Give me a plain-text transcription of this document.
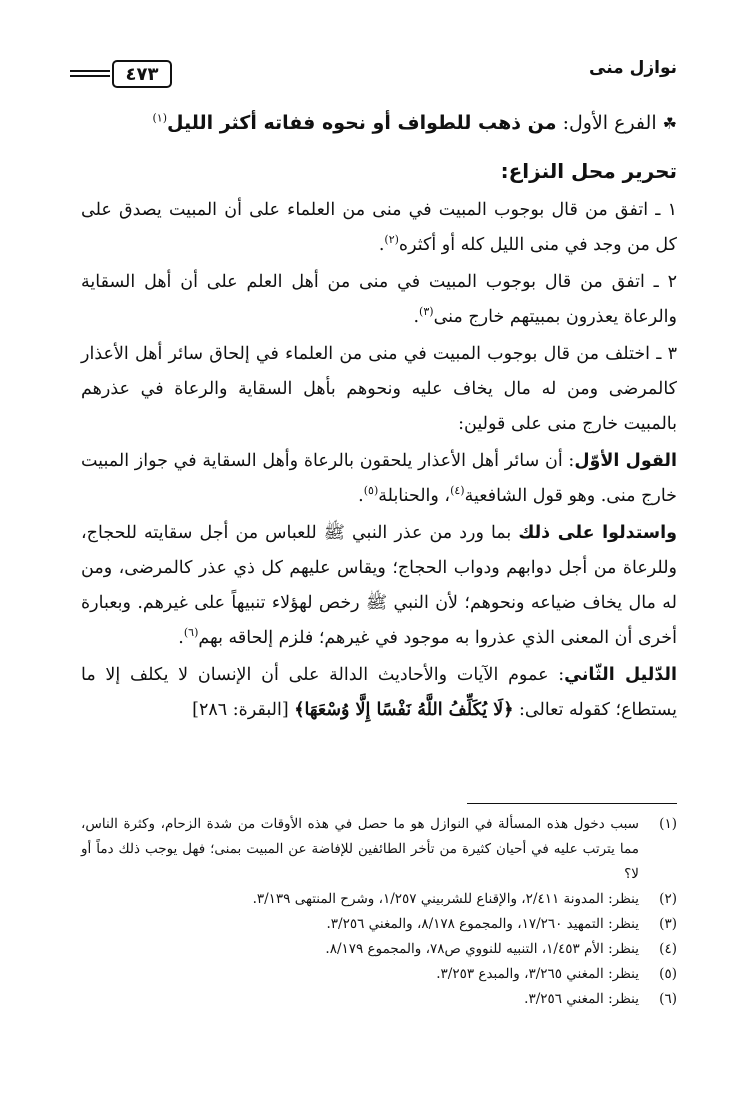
نوازل منى
٤٧٣

☘ الفرع الأول: من ذهب للطواف أو نحوه ففاته أكثر الليل$^{(١)}$

تحرير محل النزاع:

١ ـ اتفق من قال بوجوب المبيت في منى من العلماء على أن المبيت يصدق على كل من وجد في منى الليل كله أو أكثره$^{(٢)}$.

٢ ـ اتفق من قال بوجوب المبيت في منى من أهل العلم على أن أهل السقاية والرعاة يعذرون بمبيتهم خارج منى$^{(٣)}$.

٣ ـ اختلف من قال بوجوب المبيت في منى من العلماء في إلحاق سائر أهل الأعذار كالمرضى ومن له مال يخاف عليه ونحوهم بأهل السقاية والرعاة في عذرهم بالمبيت خارج منى على قولين:

القول الأوّل: أن سائر أهل الأعذار يلحقون بالرعاة وأهل السقاية في جواز المبيت خارج منى. وهو قول الشافعية$^{(٤)}$، والحنابلة$^{(٥)}$.

واستدلوا على ذلك بما ورد من عذر النبي ﷺ للعباس من أجل سقايته للحجاج، وللرعاة من أجل دوابهم ودواب الحجاج؛ ويقاس عليهم كل ذي عذر كالمرضى، ومن له مال يخاف ضياعه ونحوهم؛ لأن النبي ﷺ رخص لهؤلاء تنبيهاً على غيرهم. وبعبارة أخرى أن المعنى الذي عذروا به موجود في غيرهم؛ فلزم إلحاقه بهم$^{(٦)}$.

الدّليل الثّاني: عموم الآيات والأحاديث الدالة على أن الإنسان لا يكلف إلا ما يستطاع؛ كقوله تعالى: ﴿لَا يُكَلِّفُ اللَّهُ نَفْسًا إِلَّا وُسْعَهَا﴾ [البقرة: ٢٨٦]

(١)
سبب دخول هذه المسألة في النوازل هو ما حصل في هذه الأوقات من شدة الزحام، وكثرة الناس، مما يترتب عليه في أحيان كثيرة من تأخر الطائفين للإفاضة عن المبيت بمنى؛ فهل يوجب ذلك دماً أو لا؟
(٢)
ينظر: المدونة ٢/٤١١، والإقناع للشربيني ١/٢٥٧، وشرح المنتهى ٣/١٣٩.
(٣)
ينظر: التمهيد ١٧/٢٦٠، والمجموع ٨/١٧٨، والمغني ٣/٢٥٦.
(٤)
ينظر: الأم ١/٤٥٣، التنبيه للنووي ص٧٨، والمجموع ٨/١٧٩.
(٥)
ينظر: المغني ٣/٢٦٥، والمبدع ٣/٢٥٣.
(٦)
ينظر: المغني ٣/٢٥٦.
